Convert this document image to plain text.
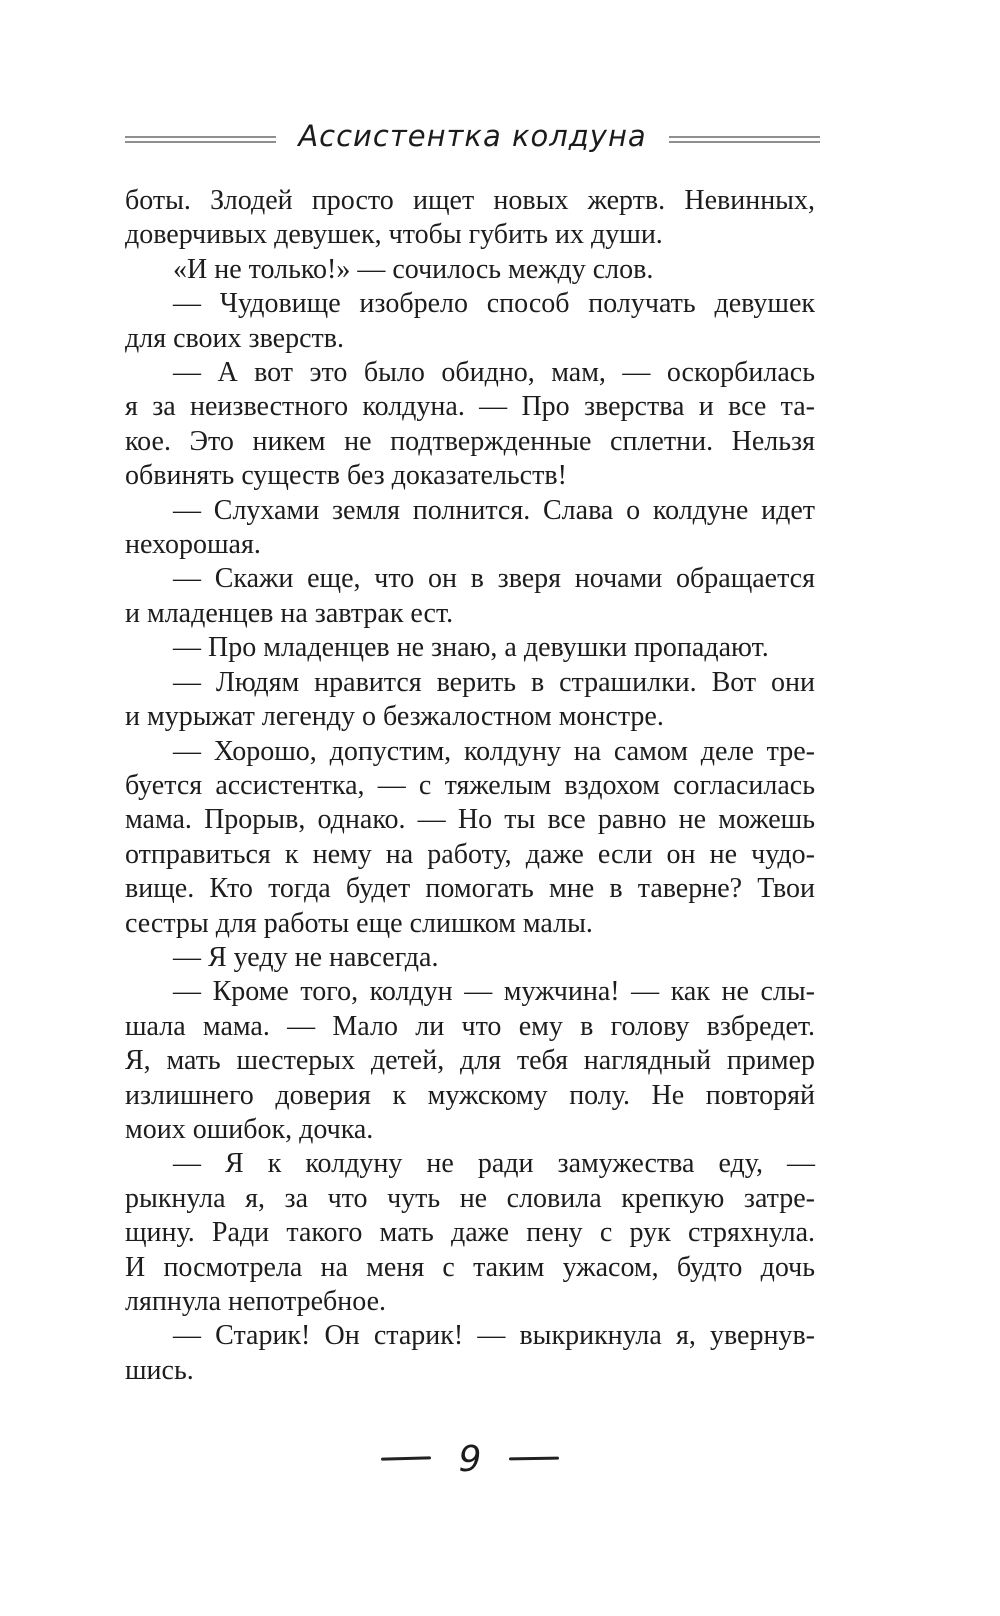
Ассистентка колдуна
боты. Злодей просто ищет новых жертв. Невинных,
доверчивых девушек, чтобы губить их души.
«И не только!» — сочилось между слов.
— Чудовище изобрело способ получать девушек
для своих зверств.
— А вот это было обидно, мам, — оскорбилась
я за неизвестного колдуна. — Про зверства и все та-
кое. Это никем не подтвержденные сплетни. Нельзя
обвинять существ без доказательств!
— Слухами земля полнится. Слава о колдуне идет
нехорошая.
— Скажи еще, что он в зверя ночами обращается
и младенцев на завтрак ест.
— Про младенцев не знаю, а девушки пропадают.
— Людям нравится верить в страшилки. Вот они
и мурыжат легенду о безжалостном монстре.
— Хорошо, допустим, колдуну на самом деле тре-
буется ассистентка, — с тяжелым вздохом согласилась
мама. Прорыв, однако. — Но ты все равно не можешь
отправиться к нему на работу, даже если он не чудо-
вище. Кто тогда будет помогать мне в таверне? Твои
сестры для работы еще слишком малы.
— Я уеду не навсегда.
— Кроме того, колдун — мужчина! — как не слы-
шала мама. — Мало ли что ему в голову взбредет.
Я, мать шестерых детей, для тебя наглядный пример
излишнего доверия к мужскому полу. Не повторяй
моих ошибок, дочка.
— Я к колдуну не ради замужества еду, —
рыкнула я, за что чуть не словила крепкую затре-
щину. Ради такого мать даже пену с рук стряхнула.
И посмотрела на меня с таким ужасом, будто дочь
ляпнула непотребное.
— Старик! Он старик! — выкрикнула я, увернув-
шись.
9
